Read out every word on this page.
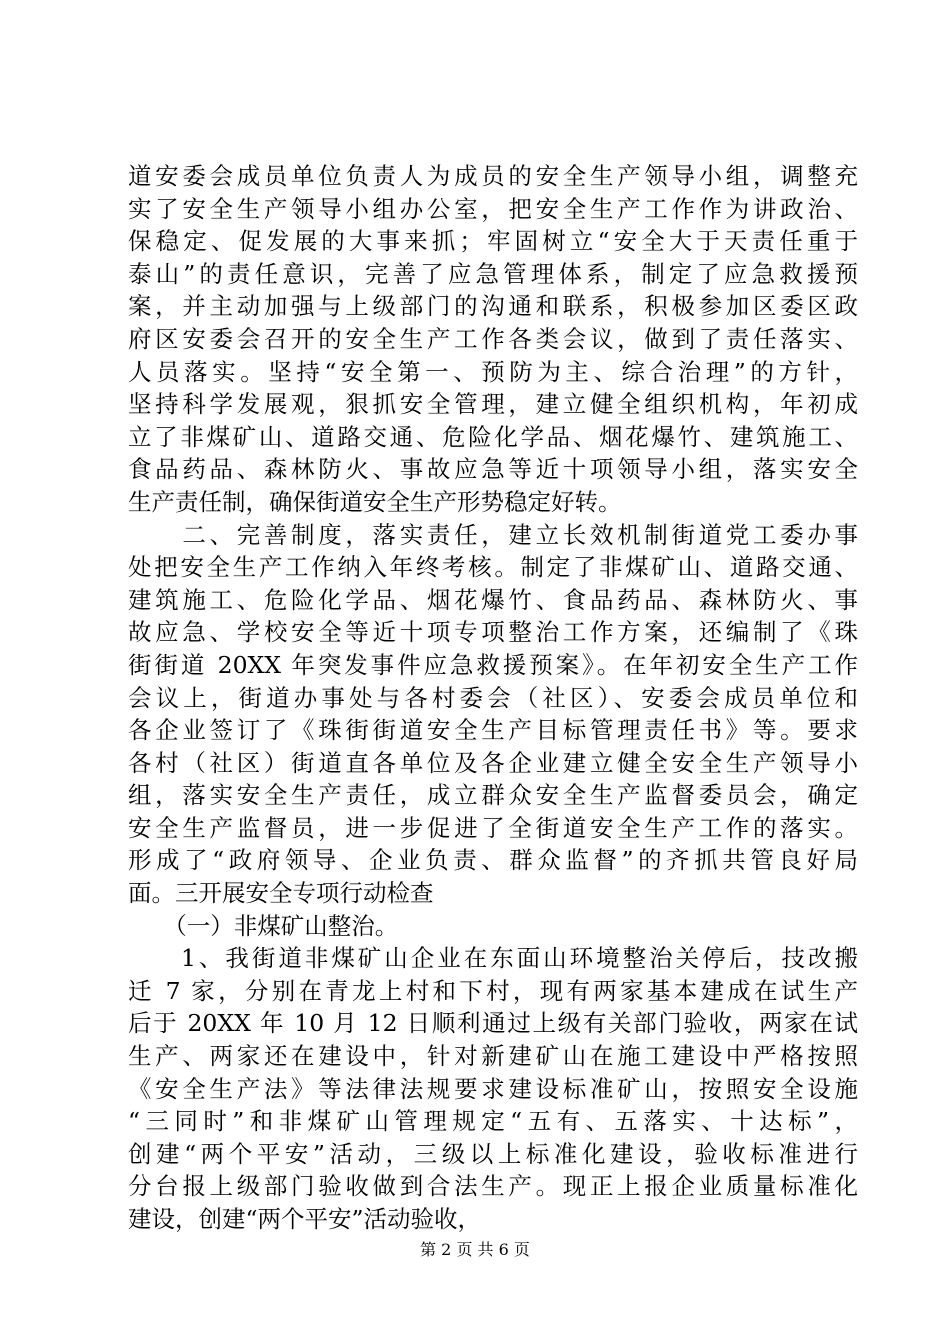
道安委会成员单位负责人为成员的安全生产领导小组，调整充
实了安全生产领导小组办公室，把安全生产工作作为讲政治、
保稳定、促发展的大事来抓；牢固树立“安全大于天责任重于
泰山”的责任意识，完善了应急管理体系，制定了应急救援预
案，并主动加强与上级部门的沟通和联系，积极参加区委区政
府区安委会召开的安全生产工作各类会议，做到了责任落实、
人员落实。坚持“安全第一、预防为主、综合治理”的方针，
坚持科学发展观，狠抓安全管理，建立健全组织机构，年初成
立了非煤矿山、道路交通、危险化学品、烟花爆竹、建筑施工、
食品药品、森林防火、事故应急等近十项领导小组，落实安全
生产责任制，确保街道安全生产形势稳定好转。
　　二、完善制度，落实责任，建立长效机制街道党工委办事
处把安全生产工作纳入年终考核。制定了非煤矿山、道路交通、
建筑施工、危险化学品、烟花爆竹、食品药品、森林防火、事
故应急、学校安全等近十项专项整治工作方案，还编制了《珠
街街道 20XX 年突发事件应急救援预案》。在年初安全生产工作
会议上，街道办事处与各村委会（社区）、安委会成员单位和
各企业签订了《珠街街道安全生产目标管理责任书》等。要求
各村（社区）街道直各单位及各企业建立健全安全生产领导小
组，落实安全生产责任，成立群众安全生产监督委员会，确定
安全生产监督员，进一步促进了全街道安全生产工作的落实。
形成了“政府领导、企业负责、群众监督”的齐抓共管良好局
面。三开展安全专项行动检查
　　（一）非煤矿山整治。
　　1、我街道非煤矿山企业在东面山环境整治关停后，技改搬
迁 7 家，分别在青龙上村和下村，现有两家基本建成在试生产
后于 20XX 年 10 月 12 日顺利通过上级有关部门验收，两家在试
生产、两家还在建设中，针对新建矿山在施工建设中严格按照
《安全生产法》等法律法规要求建设标准矿山，按照安全设施
“三同时”和非煤矿山管理规定“五有、五落实、十达标”，
创建“两个平安”活动，三级以上标准化建设，验收标准进行
分台报上级部门验收做到合法生产。现正上报企业质量标准化
建设，创建“两个平安”活动验收，
第 2 页 共 6 页
